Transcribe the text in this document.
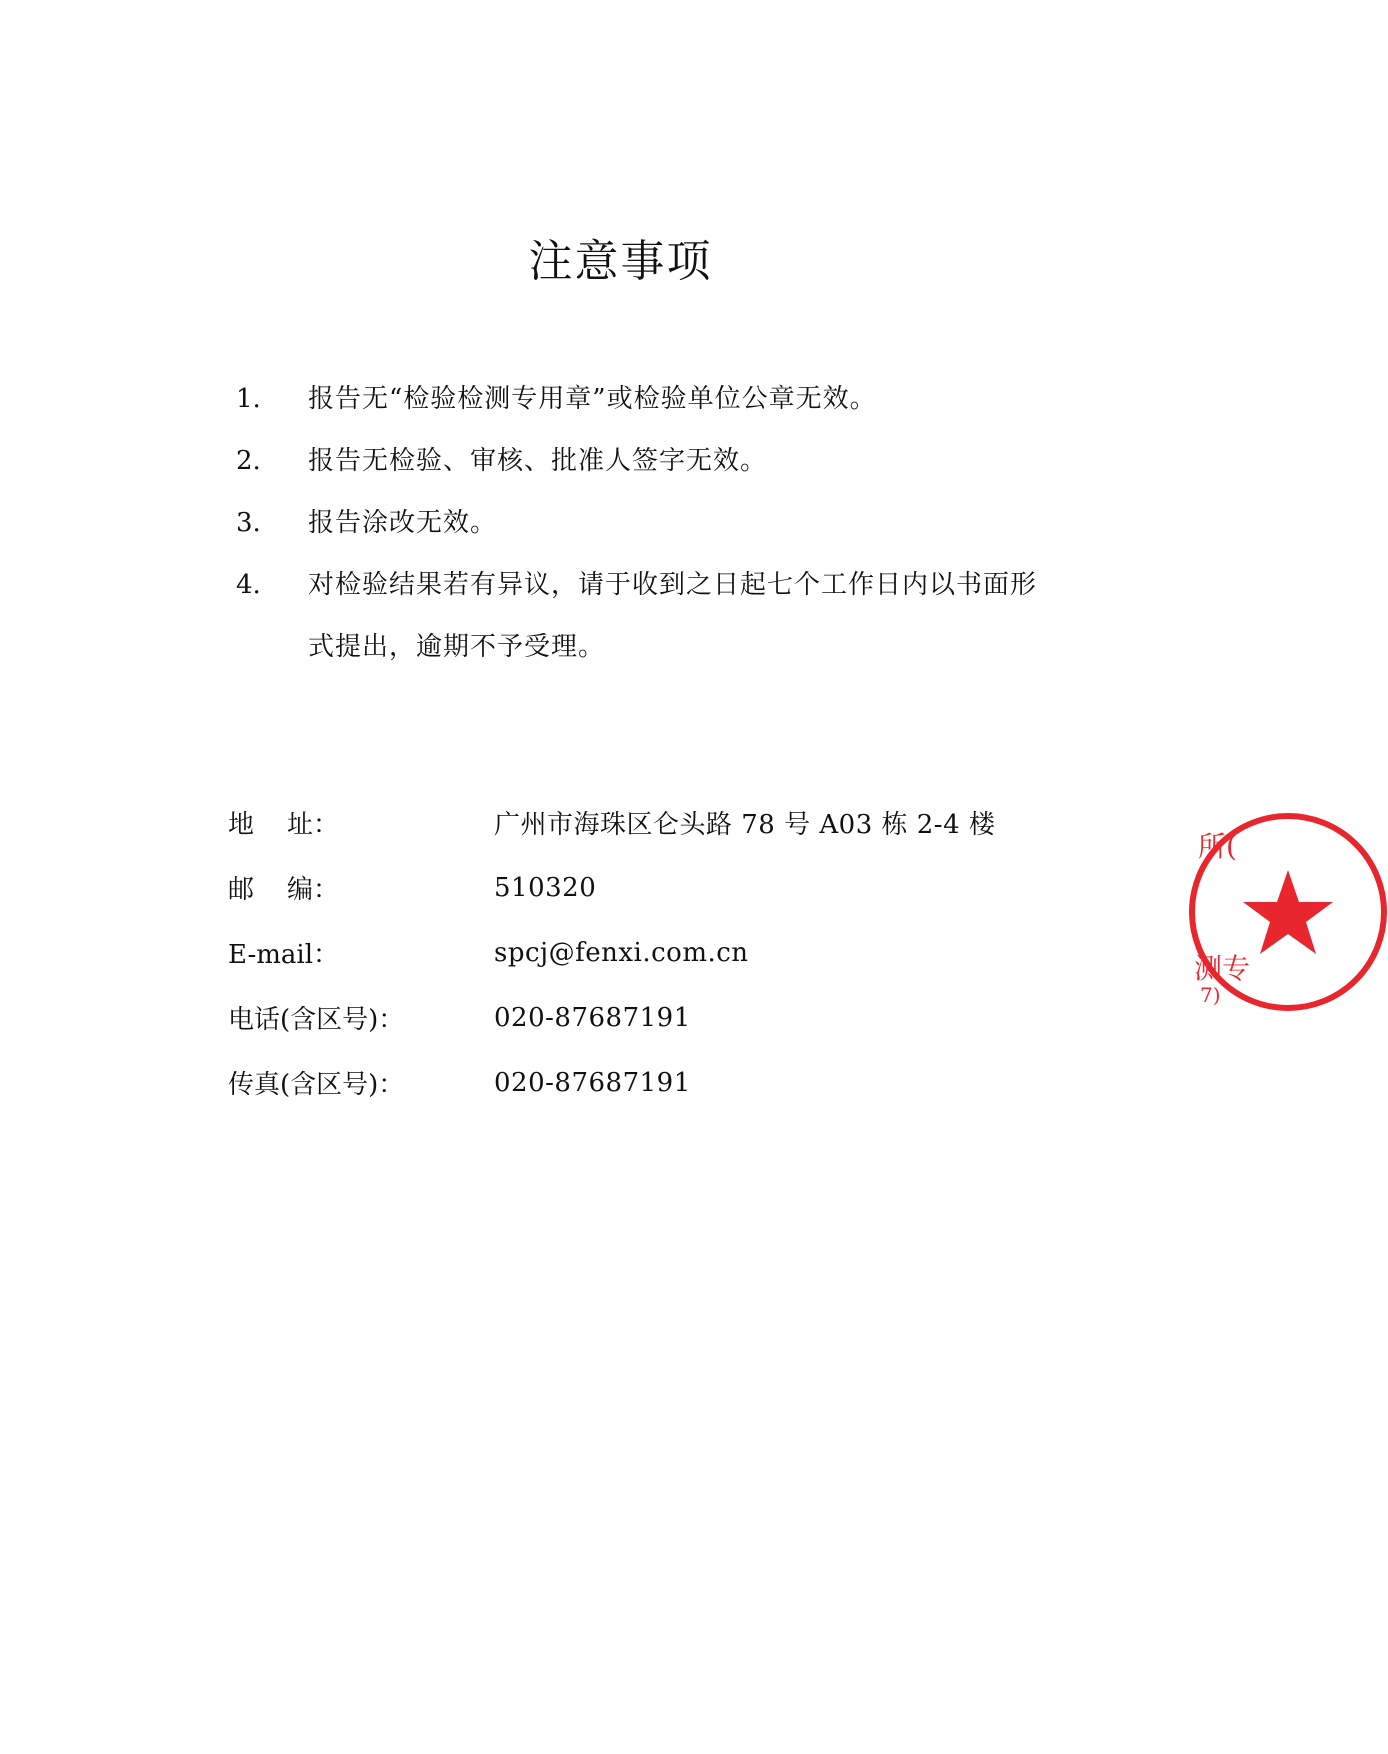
注意事项
1.	报告无“检验检测专用章”或检验单位公章无效。
2.	报告无检验、审核、批准人签字无效。
3.	报告涂改无效。
4.	对检验结果若有异议，请于收到之日起七个工作日内以书面形式提出，逾期不予受理。
地    址：	广州市海珠区仑头路 78 号 A03 栋 2-4 楼
邮    编：	510320
E-mail：	spcj@fenxi.com.cn
电话(含区号)：	020-87687191
传真(含区号)：	020-87687191
所(
测专
7)
